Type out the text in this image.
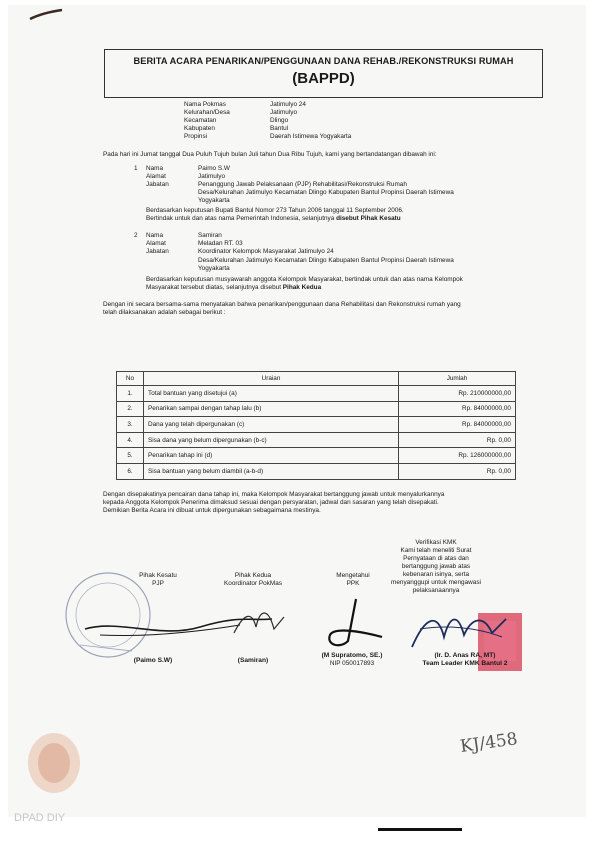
BERITA ACARA PENARIKAN/PENGGUNAAN DANA REHAB./REKONSTRUKSI RUMAH
(BAPPD)
Nama Pokmas	Jatimulyo 24
Kelurahan/Desa	Jatimulyo
Kecamatan	Dlingo
Kabupaten	Bantul
Propinsi	Daerah Istimewa Yogyakarta
Pada hari ini Jumat tanggal Dua Puluh Tujuh bulan Juli tahun Dua Ribu Tujuh, kami yang bertandatangan dibawah ini:
1 Nama	Paimo S.W
Alamat	Jatimulyo
Jabatan	Penanggung Jawab Pelaksanaan (PJP) Rehabilitasi/Rekonstruksi Rumah
Desa/Kelurahan Jatimulyo Kecamatan Dlingo Kabupaten Bantul Propinsi Daerah Istimewa
Yogyakarta
Berdasarkan keputusan Bupati Bantul Nomor 273 Tahun 2006 tanggal 11 September 2006.
Bertindak untuk dan atas nama Pemerintah Indonesia, selanjutnya disebut Pihak Kesatu
2 Nama	Samiran
Alamat	Meladan RT. 03
Jabatan	Koordinator Kelompok Masyarakat Jatimulyo 24
Desa/Kelurahan Jatimulyo Kecamatan Dlingo Kabupaten Bantul Propinsi Daerah Istimewa
Yogyakarta
Berdasarkan keputusan musyawarah anggota Kelompok Masyarakat, bertindak untuk dan atas nama Kelompok
Masyarakat tersebut diatas, selanjutnya disebut Pihak Kedua
Dengan ini secara bersama-sama menyatakan bahwa penarikan/penggunaan dana Rehabilitasi dan Rekonstruksi rumah yang
telah dilaksanakan adalah sebagai berikut :
No	Uraian	Jumlah
1.	Total bantuan yang disetujui (a)	Rp. 210000000,00
2.	Penarikan sampai dengan tahap lalu (b)	Rp. 84000000,00
3.	Dana yang telah dipergunakan (c)	Rp. 84000000,00
4.	Sisa dana yang belum dipergunakan (b-c)	Rp. 0,00
5.	Penarikan tahap ini (d)	Rp. 126000000,00
6.	Sisa bantuan yang belum diambil (a-b-d)	Rp. 0,00
Dengan disepakatinya pencairan dana tahap ini, maka Kelompok Masyarakat bertanggung jawab untuk menyalurkannya
kepada Anggota Kelompok Penerima dimaksud sesuai dengan persyaratan, jadwal dan sasaran yang telah disepakati.
Demikian Berita Acara ini dibuat untuk dipergunakan sebagaimana mestinya.
Verifikasi KMK
Kami telah meneliti Surat
Pernyataan di atas dan
bertanggung jawab atas
kebenaran isinya, serta
menyanggupi untuk mengawasi
pelaksanaannya
Pihak Kesatu
PJP
Pihak Kedua
Koordinator PokMas
Mengetahui
PPK
(Paimo S.W)	(Samiran)
(M Supratomo, SE.)
NIP 050017893
(Ir. D. Anas RA, MT)
Team Leader KMK Bantul 2
KJ/458
DPAD DIY
